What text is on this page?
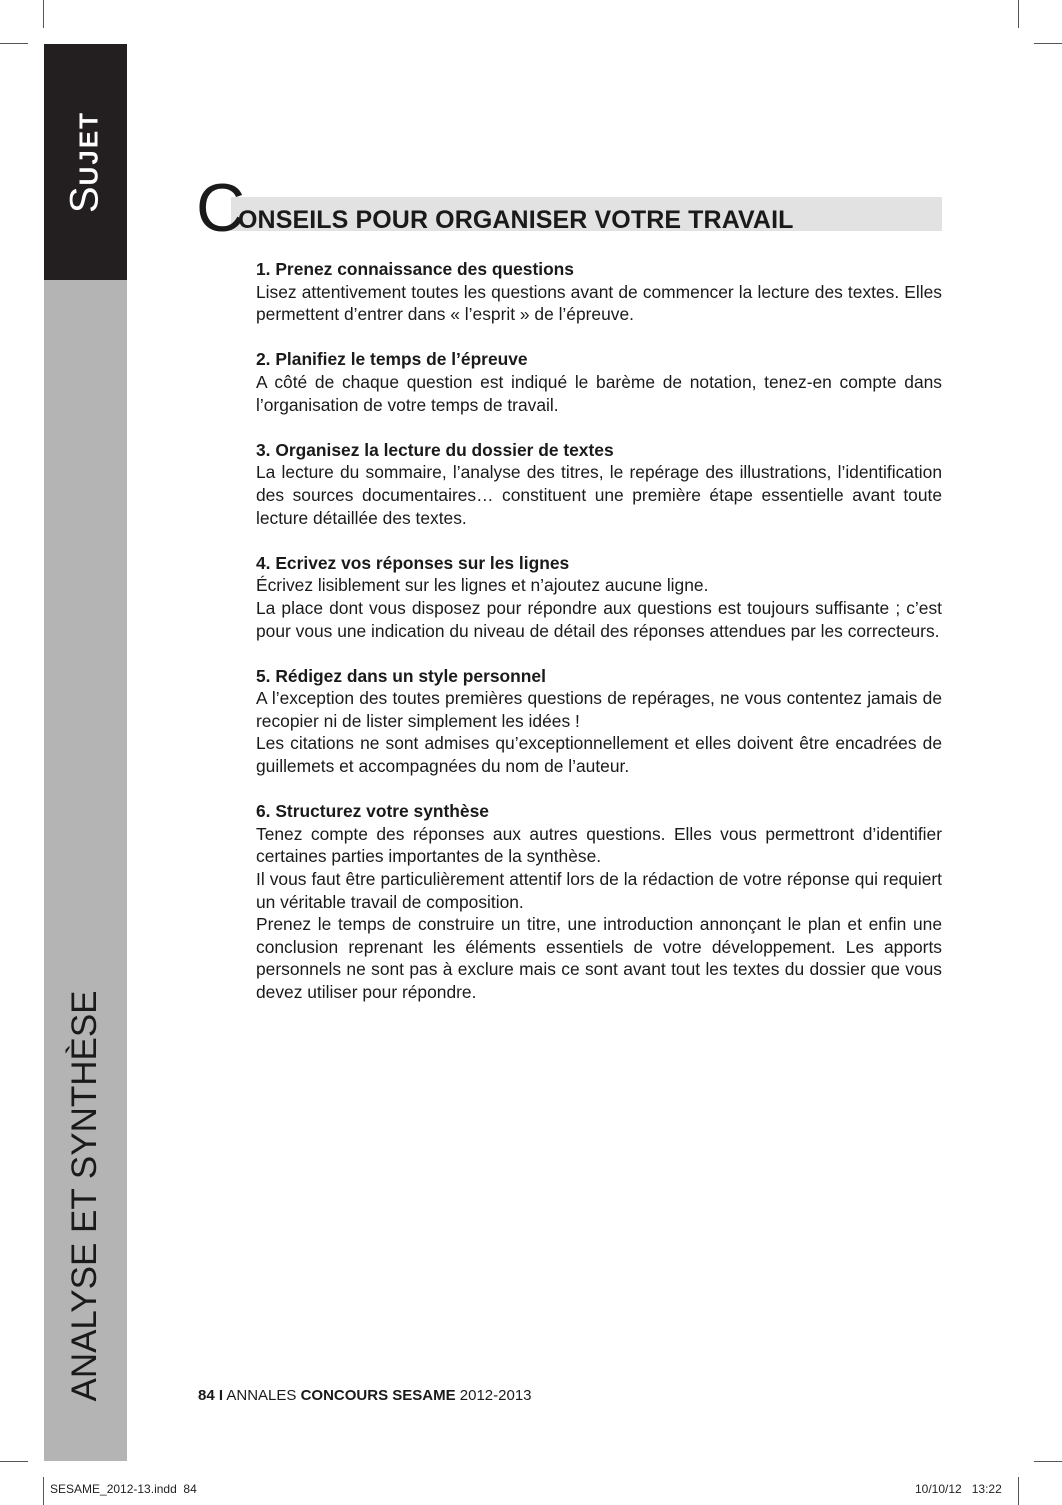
SUJET
ANALYSE ET SYNTHÈSE
C
ONSEILS POUR ORGANISER VOTRE TRAVAIL
1. Prenez connaissance des questions

Lisez attentivement toutes les questions avant de commencer la lecture des textes. Elles permettent d’entrer dans « l’esprit » de l’épreuve.

2. Planifiez le temps de l’épreuve

A côté de chaque question est indiqué le barème de notation, tenez-en compte dans l’organisation de votre temps de travail.

3. Organisez la lecture du dossier de textes

La lecture du sommaire, l’analyse des titres, le repérage des illustrations, l’identification des sources documentaires… constituent une première étape essentielle avant toute lecture détaillée des textes.

4. Ecrivez vos réponses sur les lignes

Écrivez lisiblement sur les lignes et n’ajoutez aucune ligne.

La place dont vous disposez pour répondre aux questions est toujours suffisante ; c’est pour vous une indication du niveau de détail des réponses attendues par les correcteurs.

5. Rédigez dans un style personnel

A l’exception des toutes premières questions de repérages, ne vous contentez jamais de recopier ni de lister simplement les idées !

Les citations ne sont admises qu’exceptionnellement et elles doivent être encadrées de guillemets et accompagnées du nom de l’auteur.

6. Structurez votre synthèse

Tenez compte des réponses aux autres questions. Elles vous permettront d’identifier certaines parties importantes de la synthèse.

Il vous faut être particulièrement attentif lors de la rédaction de votre réponse qui requiert un véritable travail de composition.

Prenez le temps de construire un titre, une introduction annonçant le plan et enfin une conclusion reprenant les éléments essentiels de votre développement. Les apports personnels ne sont pas à exclure mais ce sont avant tout les textes du dossier que vous devez utiliser pour répondre.

84 I ANNALES CONCOURS SESAME 2012-2013
SESAME_2012-13.indd 84	10/10/12 13:22
